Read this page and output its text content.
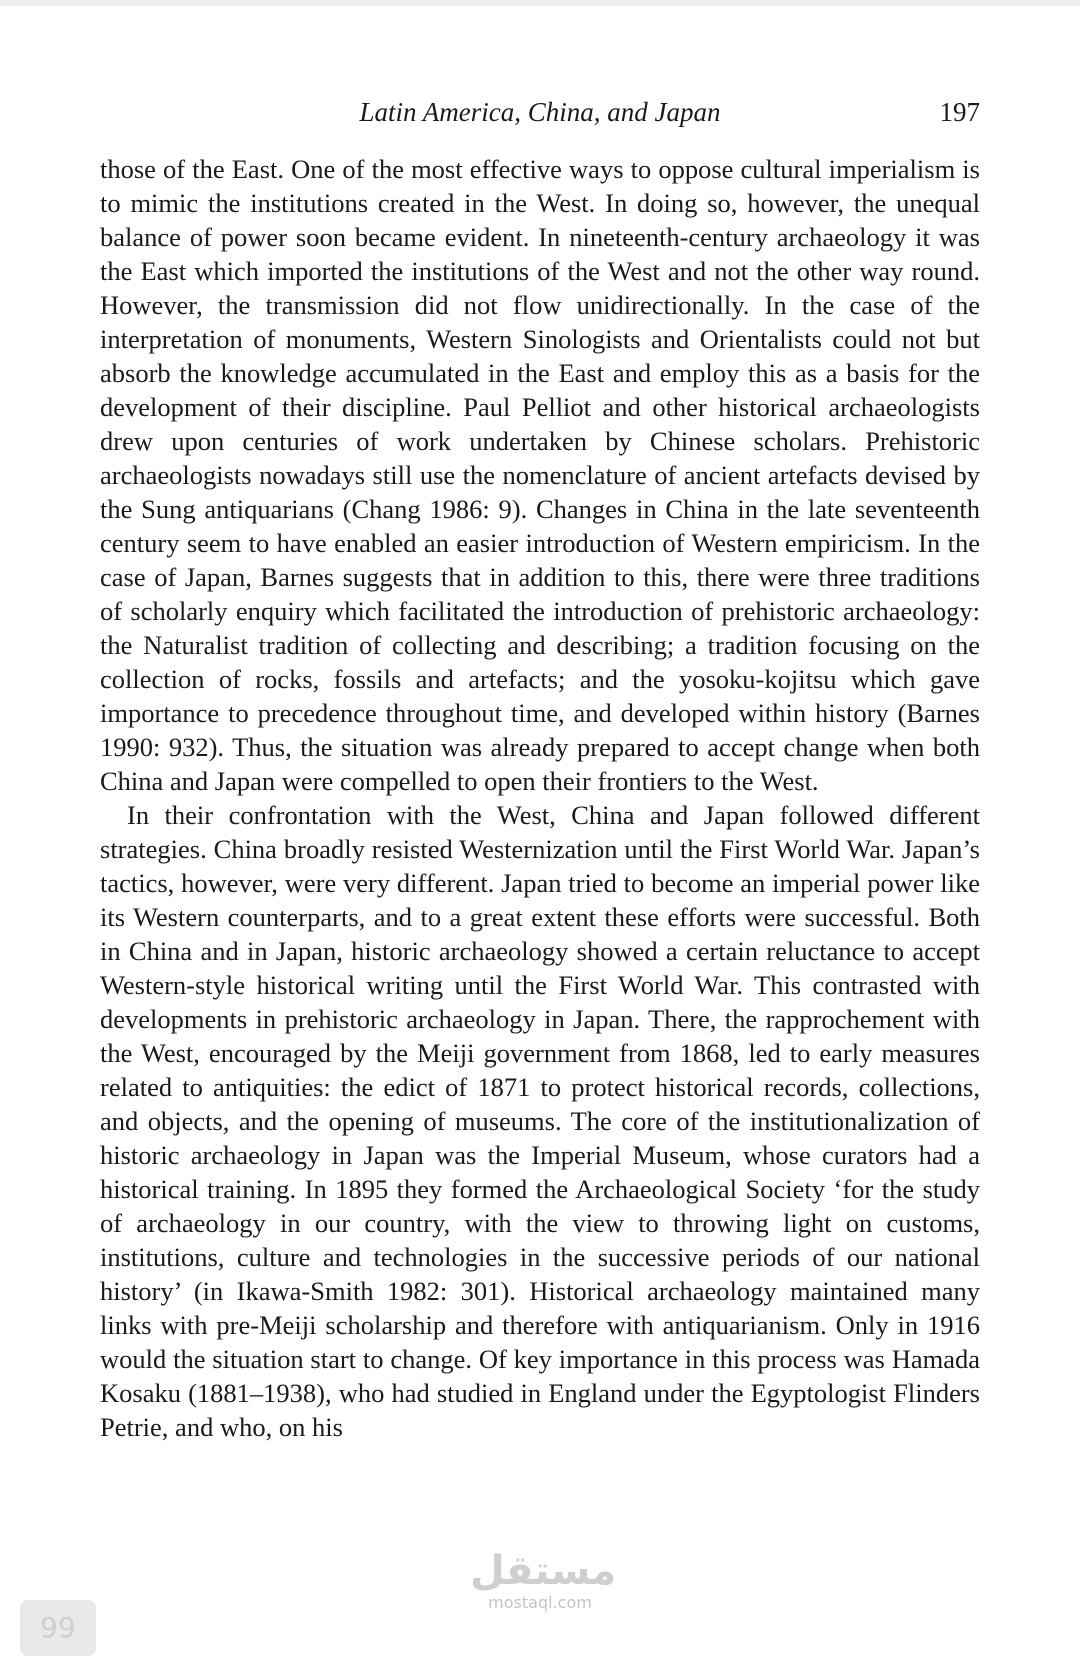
Latin America, China, and Japan	197

those of the East. One of the most effective ways to oppose cultural imperialism is to mimic the institutions created in the West. In doing so, however, the unequal balance of power soon became evident. In nineteenth-century archaeology it was the East which imported the institutions of the West and not the other way round. However, the transmission did not flow unidirectionally. In the case of the interpretation of monuments, Western Sinologists and Orientalists could not but absorb the knowledge accumulated in the East and employ this as a basis for the development of their discipline. Paul Pelliot and other historical archaeologists drew upon centuries of work undertaken by Chinese scholars. Prehistoric archaeologists nowadays still use the nomenclature of ancient artefacts devised by the Sung antiquarians (Chang 1986: 9). Changes in China in the late seventeenth century seem to have enabled an easier introduction of Western empiricism. In the case of Japan, Barnes suggests that in addition to this, there were three traditions of scholarly enquiry which facilitated the introduction of prehistoric archaeology: the Naturalist tradition of collecting and describing; a tradition focusing on the collection of rocks, fossils and artefacts; and the yosoku-kojitsu which gave importance to precedence throughout time, and developed within history (Barnes 1990: 932). Thus, the situation was already prepared to accept change when both China and Japan were compelled to open their frontiers to the West.

In their confrontation with the West, China and Japan followed different strategies. China broadly resisted Westernization until the First World War. Japan’s tactics, however, were very different. Japan tried to become an imperial power like its Western counterparts, and to a great extent these efforts were successful. Both in China and in Japan, historic archaeology showed a certain reluctance to accept Western-style historical writing until the First World War. This contrasted with developments in prehistoric archaeology in Japan. There, the rapprochement with the West, encouraged by the Meiji government from 1868, led to early measures related to antiquities: the edict of 1871 to protect historical records, collections, and objects, and the opening of museums. The core of the institutionalization of historic archaeology in Japan was the Imperial Museum, whose curators had a historical training. In 1895 they formed the Archaeological Society ‘for the study of archaeology in our country, with the view to throwing light on customs, institutions, culture and technologies in the successive periods of our national history’ (in Ikawa-Smith 1982: 301). Historical archaeology maintained many links with pre-Meiji scholarship and therefore with antiquarianism. Only in 1916 would the situation start to change. Of key importance in this process was Hamada Kosaku (1881–1938), who had studied in England under the Egyptologist Flinders Petrie, and who, on his

مستقل
mostaql.com
99
